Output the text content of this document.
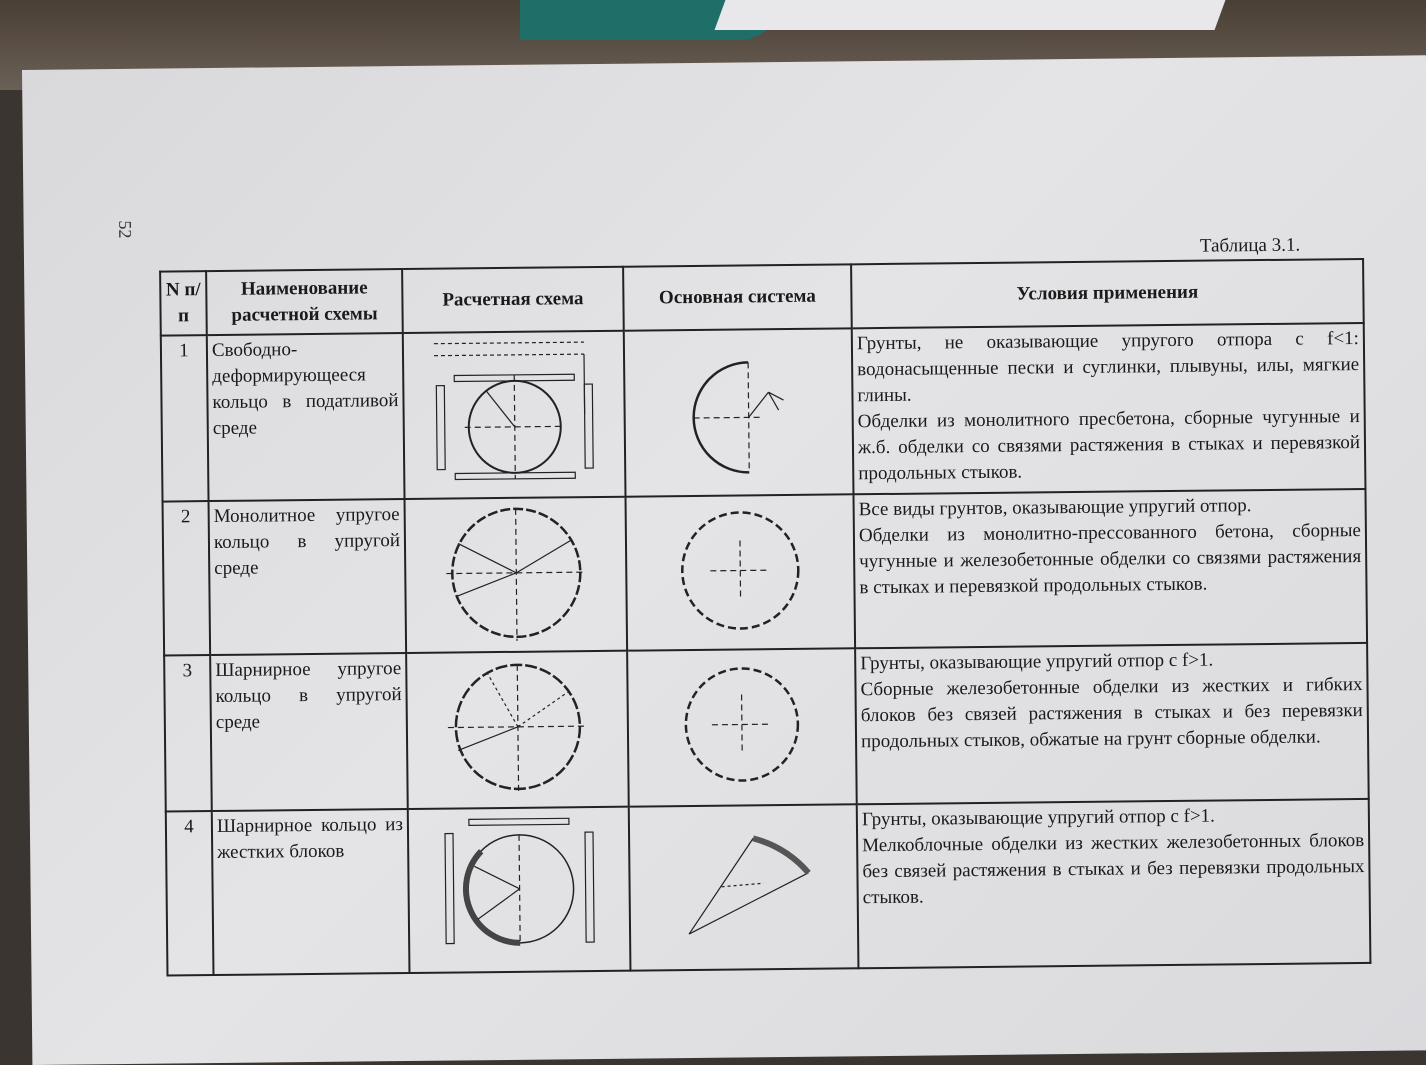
52
Таблица 3.1.
N п/п	Наименование расчетной схемы	Расчетная схема	Основная система	Условия применения
1	Свободно-деформирующееся кольцо в податливой среде			Грунты, не оказывающие упругого отпора с f<1: водонасыщенные пески и суглинки, плывуны, илы, мягкие глины.
Обделки из монолитного пресбетона, сборные чугунные и ж.б. обделки со связями растяжения в стыках и перевязкой продольных стыков.

2	Монолитное упругое кольцо в упругой среде			Все виды грунтов, оказывающие упругий отпор.
Обделки из монолитно-прессованного бетона, сборные чугунные и железобетонные обделки со связями растяжения в стыках и перевязкой продольных стыков.

3	Шарнирное упругое кольцо в упругой среде			Грунты, оказывающие упругий отпор с f>1.
Сборные железобетонные обделки из жестких и гибких блоков без связей растяжения в стыках и без перевязки продольных стыков, обжатые на грунт сборные обделки.

4	Шарнирное кольцо из жестких блоков			Грунты, оказывающие упругий отпор с f>1.
Мелкоблочные обделки из жестких железобетонных блоков без связей растяжения в стыках и без перевязки продольных стыков.
